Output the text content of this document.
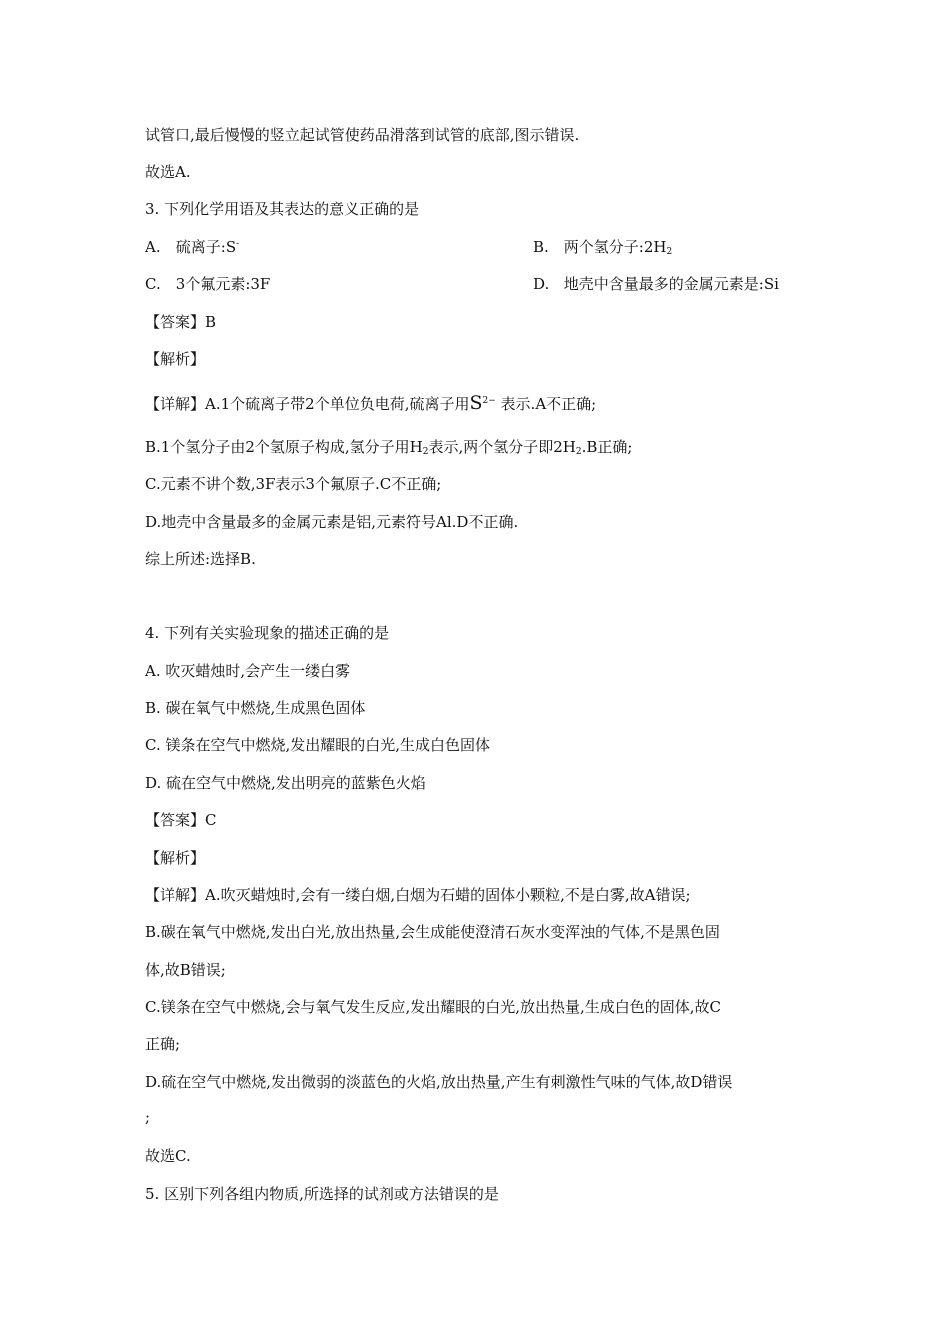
试管口,最后慢慢的竖立起试管使药品滑落到试管的底部,图示错误.
故选A.
3. 下列化学用语及其表达的意义正确的是
A. 硫离子:S-	B. 两个氢分子$:2H_2$
C. 3个氟元素:3F	D. 地壳中含量最多的金属元素是:Si
【答案】B
【解析】
【详解】A.1个硫离子带2个单位负电荷,硫离子用$S^{2-}$ 表示.A不正确;
B.1个氢分子由2个氢原子构成,氢分子用$H_2$表示,两个氢分子即$2H_2.B$正确;
C.元素不讲个数,3F表示3个氟原子.C不正确;
D.地壳中含量最多的金属元素是铝,元素符号Al.D不正确.
综上所述:选择B.
4. 下列有关实验现象的描述正确的是
A. 吹灭蜡烛时,会产生一缕白雾
B. 碳在氧气中燃烧,生成黑色固体
C. 镁条在空气中燃烧,发出耀眼的白光,生成白色固体
D. 硫在空气中燃烧,发出明亮的蓝紫色火焰
【答案】C
【解析】
【详解】A.吹灭蜡烛时,会有一缕白烟,白烟为石蜡的固体小颗粒,不是白雾,故A错误;
B.碳在氧气中燃烧,发出白光,放出热量,会生成能使澄清石灰水变浑浊的气体,不是黑色固
体,故B错误;
C.镁条在空气中燃烧,会与氧气发生反应,发出耀眼的白光,放出热量,生成白色的固体,故C
正确;
D.硫在空气中燃烧,发出微弱的淡蓝色的火焰,放出热量,产生有刺激性气味的气体,故D错误
;
故选C.
5. 区别下列各组内物质,所选择的试剂或方法错误的是
